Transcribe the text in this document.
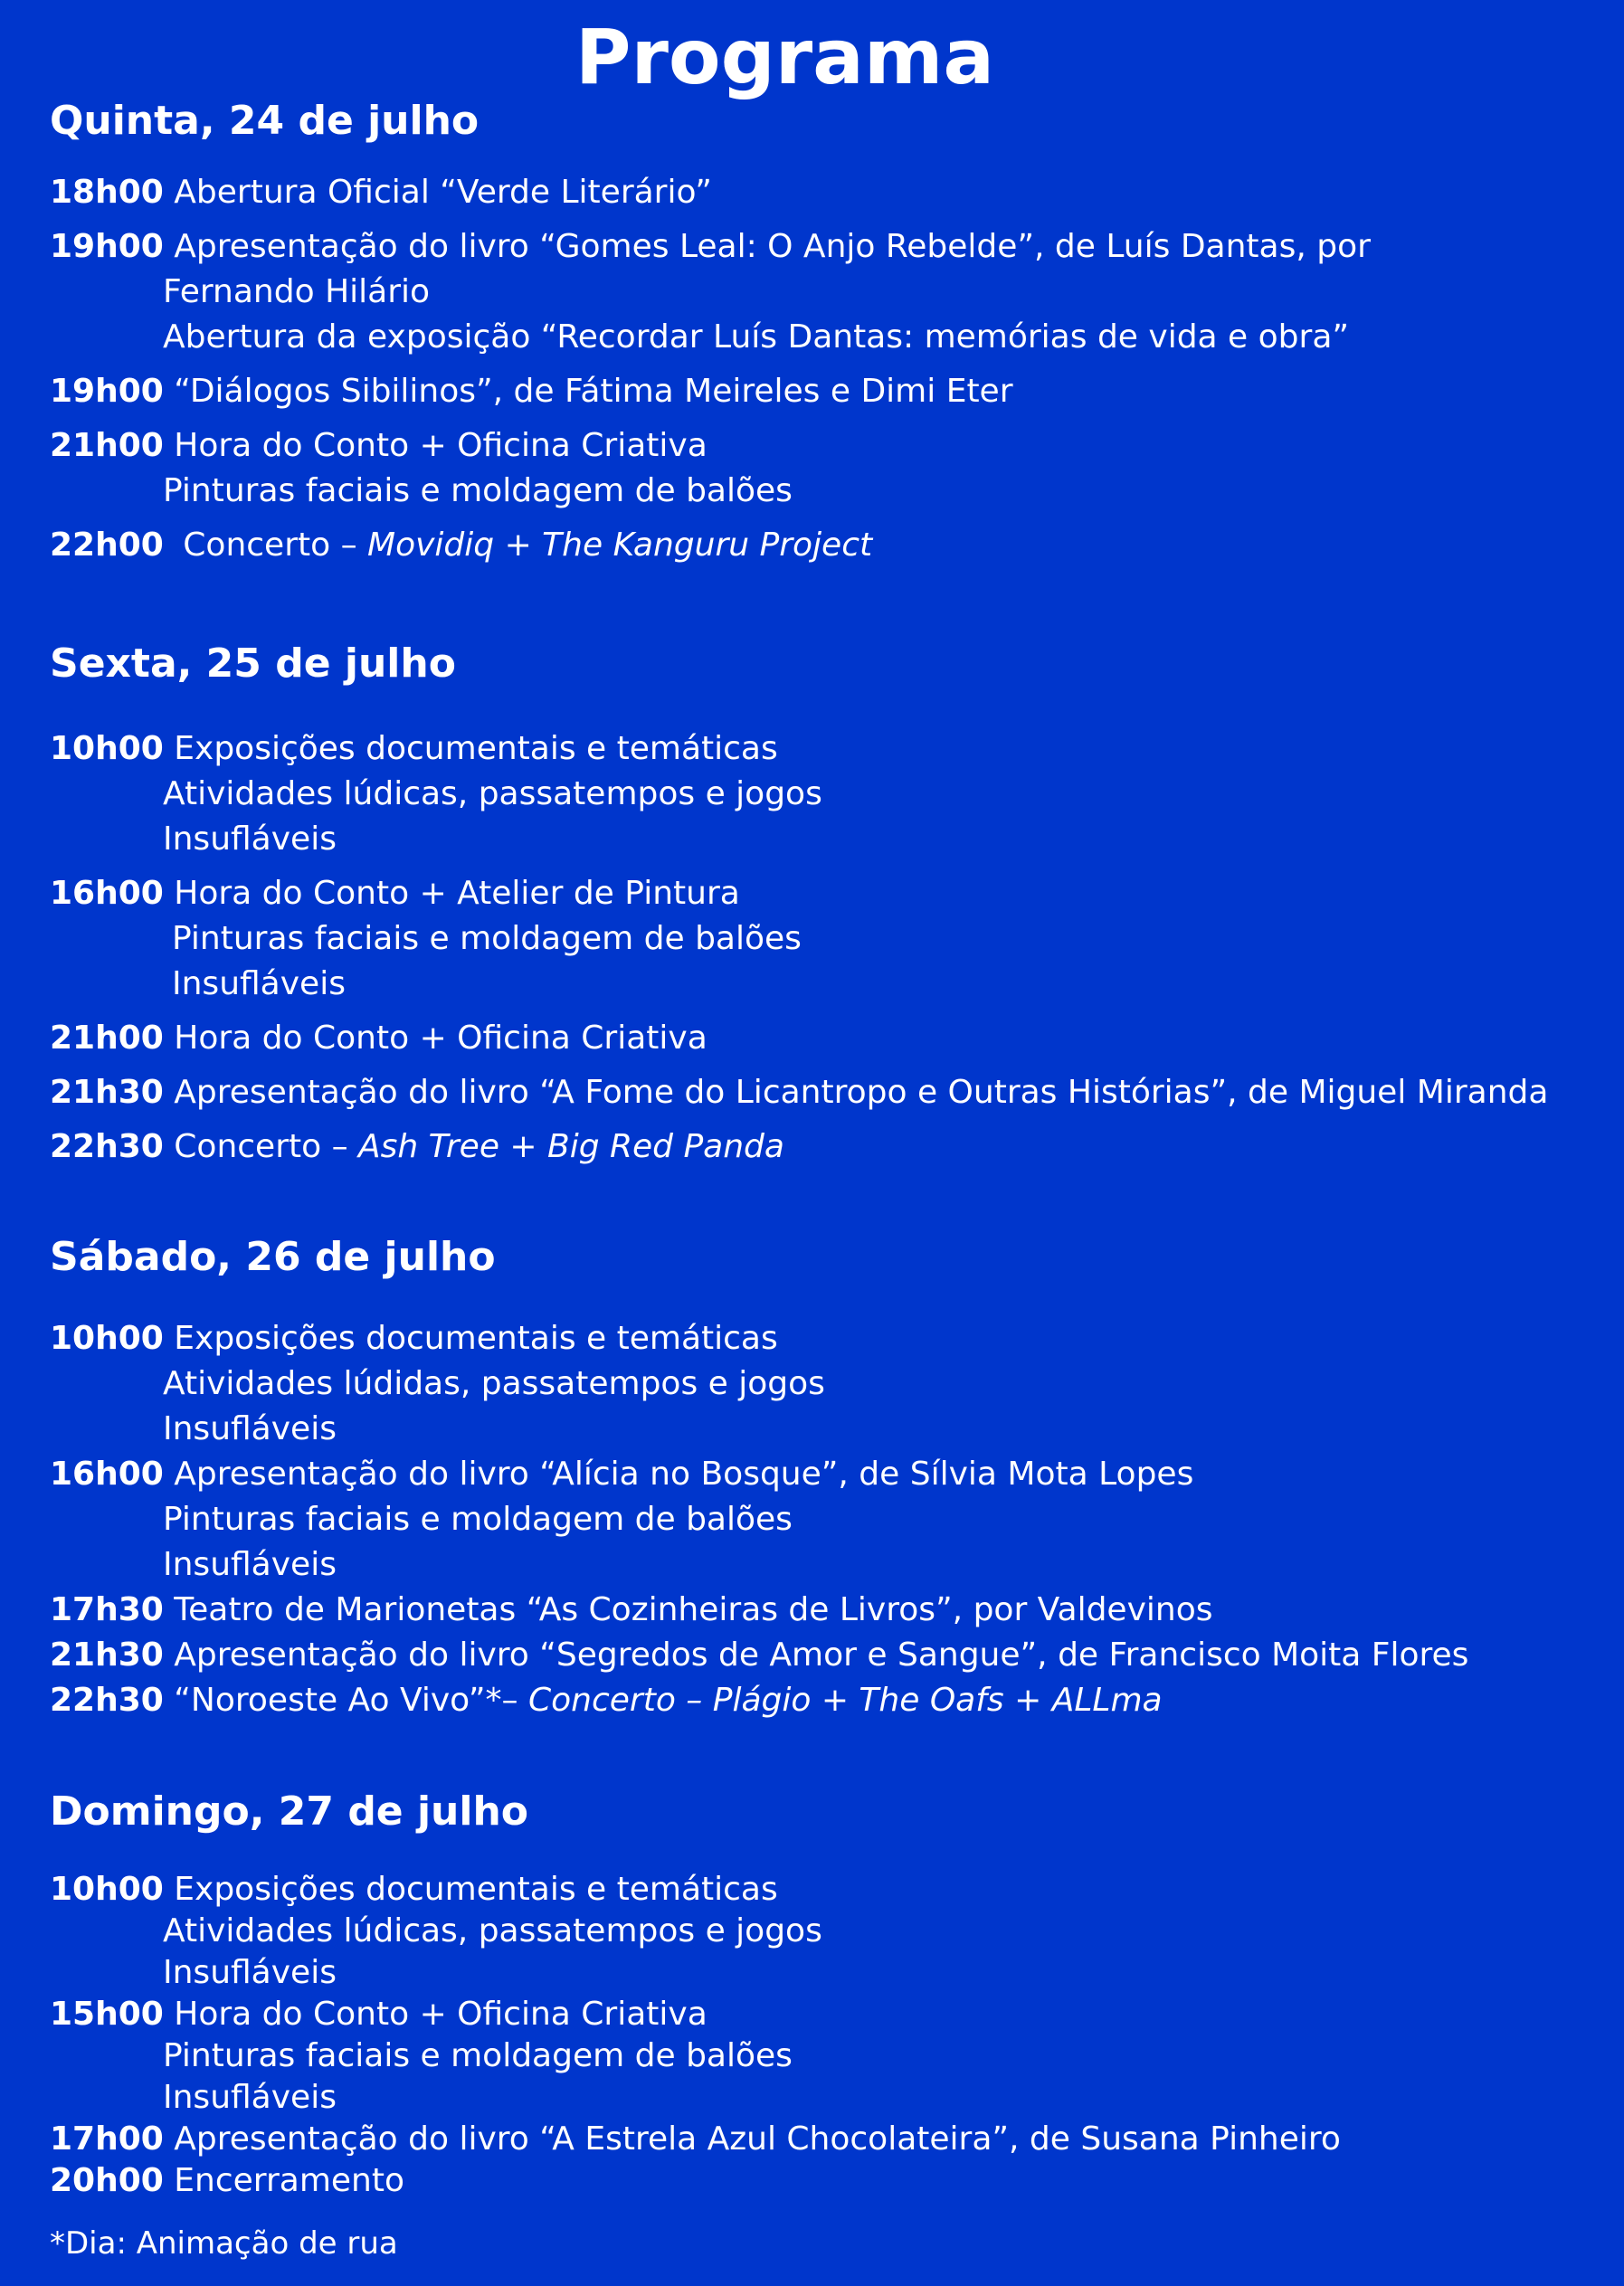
Programa
Quinta, 24 de julho
18h00 Abertura Oficial “Verde Literário”
19h00 Apresentação do livro “Gomes Leal: O Anjo Rebelde”, de Luís Dantas, por
Fernando Hilário
Abertura da exposição “Recordar Luís Dantas: memórias de vida e obra”
19h00 “Diálogos Sibilinos”, de Fátima Meireles e Dimi Eter
21h00 Hora do Conto + Oficina Criativa
Pinturas faciais e moldagem de balões
22h00 Concerto – Movidiq + The Kanguru Project
Sexta, 25 de julho
10h00 Exposições documentais e temáticas
Atividades lúdicas, passatempos e jogos
Insufláveis
16h00 Hora do Conto + Atelier de Pintura
Pinturas faciais e moldagem de balões
Insufláveis
21h00 Hora do Conto + Oficina Criativa
21h30 Apresentação do livro “A Fome do Licantropo e Outras Histórias”, de Miguel Miranda
22h30 Concerto – Ash Tree + Big Red Panda
Sábado, 26 de julho
10h00 Exposições documentais e temáticas
Atividades lúdidas, passatempos e jogos
Insufláveis
16h00 Apresentação do livro “Alícia no Bosque”, de Sílvia Mota Lopes
Pinturas faciais e moldagem de balões
Insufláveis
17h30 Teatro de Marionetas “As Cozinheiras de Livros”, por Valdevinos
21h30 Apresentação do livro “Segredos de Amor e Sangue”, de Francisco Moita Flores
22h30 “Noroeste Ao Vivo”*– Concerto – Plágio + The Oafs + ALLma
Domingo, 27 de julho
10h00 Exposições documentais e temáticas
Atividades lúdicas, passatempos e jogos
Insufláveis
15h00 Hora do Conto + Oficina Criativa
Pinturas faciais e moldagem de balões
Insufláveis
17h00 Apresentação do livro “A Estrela Azul Chocolateira”, de Susana Pinheiro
20h00 Encerramento
*Dia: Animação de rua
